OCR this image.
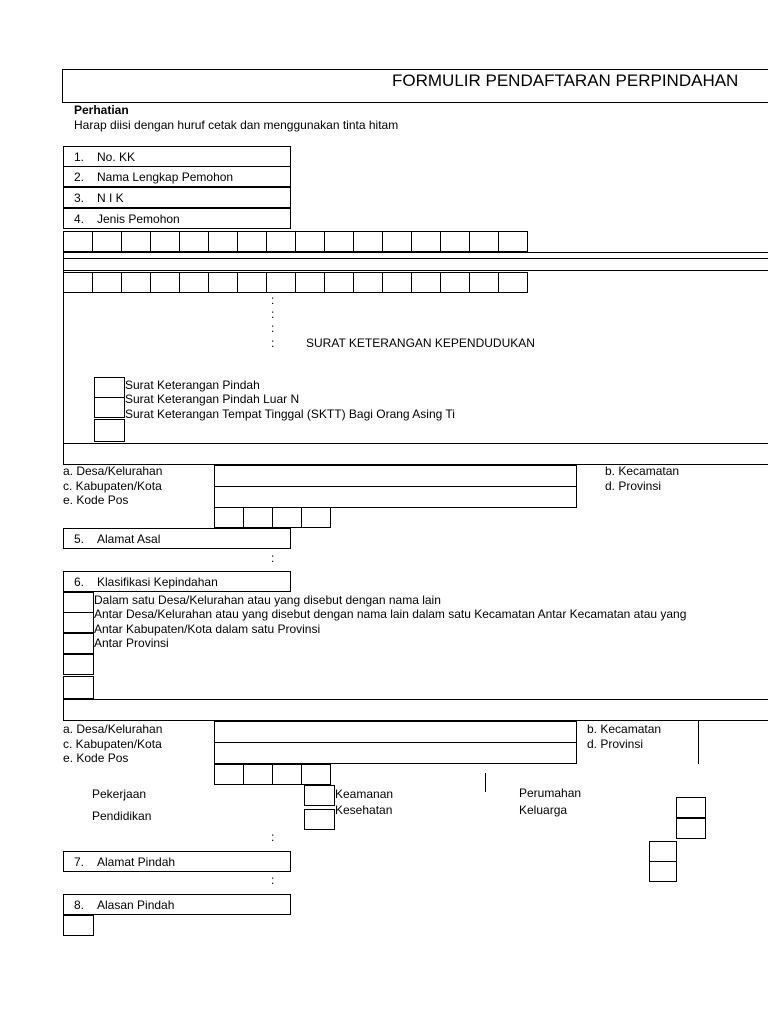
FORMULIR PENDAFTARAN PERPINDAHAN
Perhatian
Harap diisi dengan huruf cetak dan menggunakan tinta hitam
1. No. KK
2. Nama Lengkap Pemohon
3. N I K
4. Jenis Pemohon
:
:
:
:	SURAT KETERANGAN KEPENDUDUKAN
Surat Keterangan Pindah
Surat Keterangan Pindah Luar N
Surat Keterangan Tempat Tinggal (SKTT) Bagi Orang Asing Ti
a. Desa/Kelurahan
c. Kabupaten/Kota
e. Kode Pos
b. Kecamatan
d. Provinsi
5. Alamat Asal
:
6. Klasifikasi Kepindahan
Dalam satu Desa/Kelurahan atau yang disebut dengan nama lain
Antar Desa/Kelurahan atau yang disebut dengan nama lain dalam satu Kecamatan Antar Kecamatan atau yang
Antar Kabupaten/Kota dalam satu Provinsi
Antar Provinsi
a. Desa/Kelurahan
c. Kabupaten/Kota
e. Kode Pos
b. Kecamatan
d. Provinsi
Pekerjaan
Pendidikan
Keamanan
Kesehatan
Perumahan
Keluarga
:
7. Alamat Pindah
:
8. Alasan Pindah
